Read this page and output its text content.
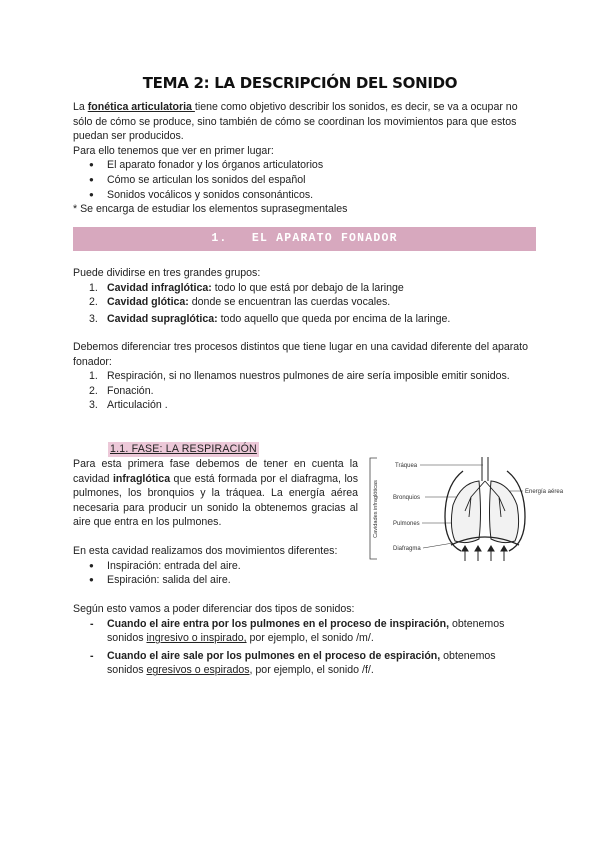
TEMA 2: LA DESCRIPCIÓN DEL SONIDO
La fonética articulatoria tiene como objetivo describir los sonidos, es decir, se va a ocupar no sólo de cómo se produce, sino también de cómo se coordinan los movimientos para que estos puedan ser producidos.
Para ello tenemos que ver en primer lugar:
● El aparato fonador y los órganos articulatorios
● Cómo se articulan los sonidos del español
● Sonidos vocálicos y sonidos consonánticos.
* Se encarga de estudiar los elementos suprasegmentales
1. EL APARATO FONADOR
Puede dividirse en tres grandes grupos:
1. Cavidad infraglótica: todo lo que está por debajo de la laringe
2. Cavidad glótica: donde se encuentran las cuerdas vocales.
3. Cavidad supraglótica: todo aquello que queda por encima de la laringe.
Debemos diferenciar tres procesos distintos que tiene lugar en una cavidad diferente del aparato fonador:
1. Respiración, si no llenamos nuestros pulmones de aire sería imposible emitir sonidos.
2. Fonación.
3. Articulación .
1.1. FASE: LA RESPIRACIÓN
Para esta primera fase debemos de tener en cuenta la cavidad infraglótica que está formada por el diafragma, los pulmones, los bronquios y la tráquea. La energía aérea necesaria para producir un sonido la obtenemos gracias al aire que entra en los pulmones.
En esta cavidad realizamos dos movimientos diferentes:
● Inspiración: entrada del aire.
● Espiración: salida del aire.
Cavidades infraglóticas
Tráquea
Bronquios
Pulmones
Diafragma
Energía aérea
Según esto vamos a poder diferenciar dos tipos de sonidos:
- Cuando el aire entra por los pulmones en el proceso de inspiración, obtenemos sonidos ingresivo o inspirado, por ejemplo, el sonido /m/.
- Cuando el aire sale por los pulmones en el proceso de espiración, obtenemos sonidos egresivos o espirados, por ejemplo, el sonido /f/.
